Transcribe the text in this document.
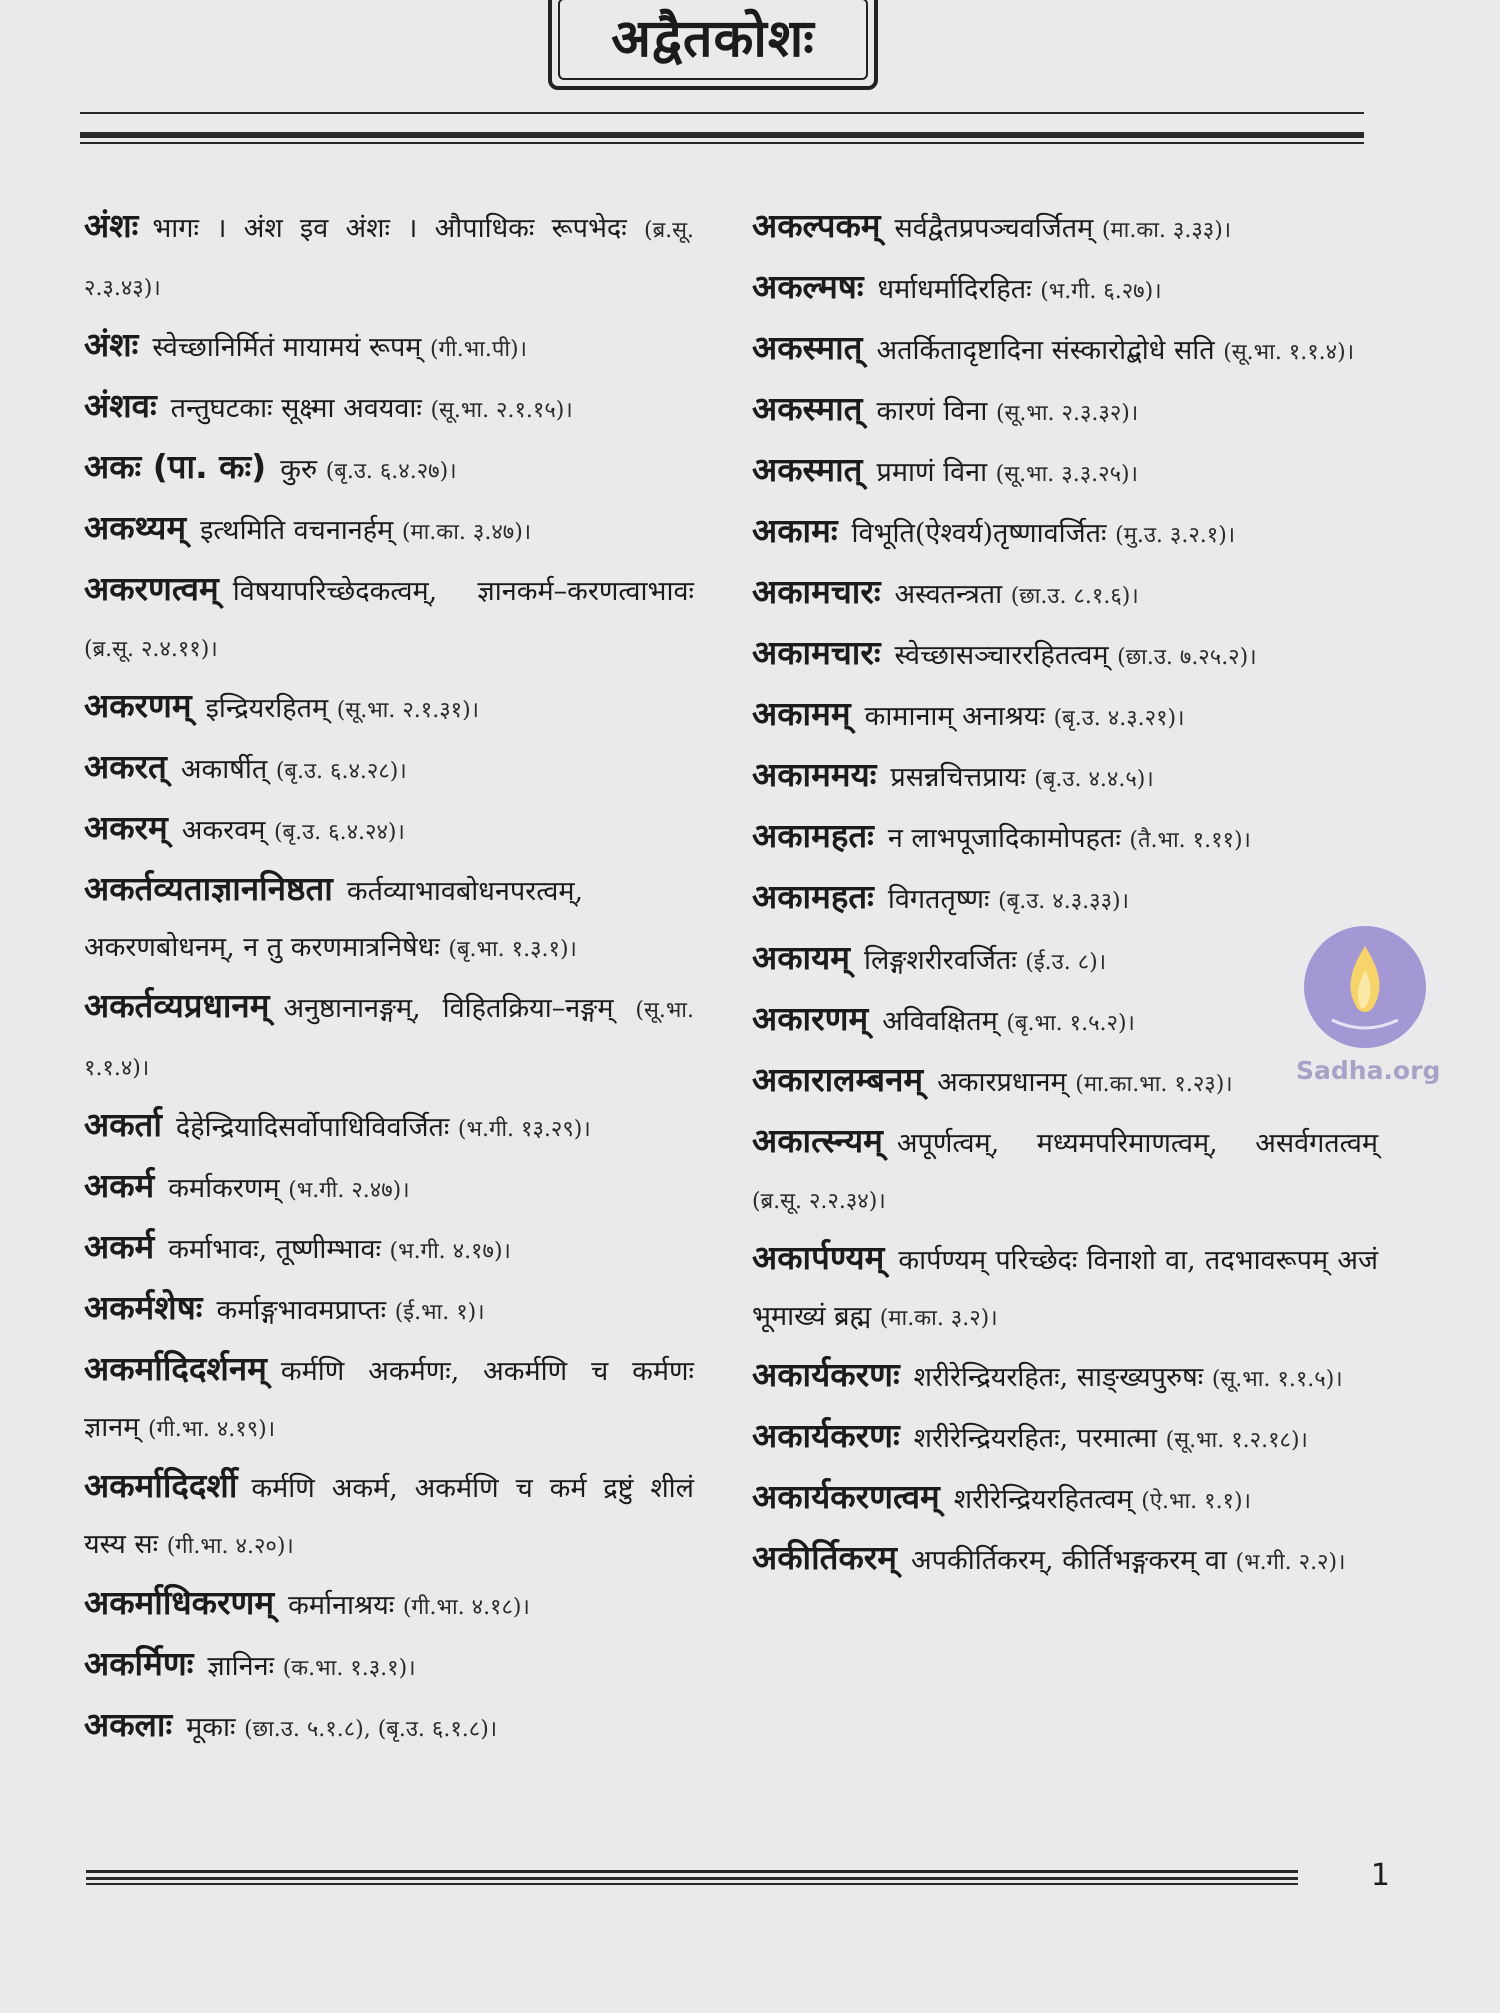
अद्वैतकोशः

अंशः भागः । अंश इव अंशः । औपाधिकः रूपभेदः (ब्र.सू. २.३.४३)।

अंशः स्वेच्छानिर्मितं मायामयं रूपम् (गी.भा.पी)।

अंशवः तन्तुघटकाः सूक्ष्मा अवयवाः (सू.भा. २.१.१५)।

अकः (पा. कः) कुरु (बृ.उ. ६.४.२७)।

अकथ्यम् इत्थमिति वचनानर्हम् (मा.का. ३.४७)।

अकरणत्वम् विषयापरिच्छेदकत्वम्, ज्ञानकर्म–करणत्वाभावः (ब्र.सू. २.४.११)।

अकरणम् इन्द्रियरहितम् (सू.भा. २.१.३१)।

अकरत् अकार्षीत् (बृ.उ. ६.४.२८)।

अकरम् अकरवम् (बृ.उ. ६.४.२४)।

अकर्तव्यताज्ञाननिष्ठता कर्तव्याभावबोधनपरत्वम्, अकरणबोधनम्, न तु करणमात्रनिषेधः (बृ.भा. १.३.१)।

अकर्तव्यप्रधानम् अनुष्ठानानङ्गम्, विहितक्रिया–नङ्गम् (सू.भा. १.१.४)।

अकर्ता देहेन्द्रियादिसर्वोपाधिविवर्जितः (भ.गी. १३.२९)।

अकर्म कर्माकरणम् (भ.गी. २.४७)।

अकर्म कर्माभावः, तूष्णीम्भावः (भ.गी. ४.१७)।

अकर्मशेषः कर्माङ्गभावमप्राप्तः (ई.भा. १)।

अकर्मादिदर्शनम् कर्मणि अकर्मणः, अकर्मणि च कर्मणः ज्ञानम् (गी.भा. ४.१९)।

अकर्मादिदर्शी कर्मणि अकर्म, अकर्मणि च कर्म द्रष्टुं शीलं यस्य सः (गी.भा. ४.२०)।

अकर्माधिकरणम् कर्मानाश्रयः (गी.भा. ४.१८)।

अकर्मिणः ज्ञानिनः (क.भा. १.३.१)।

अकलाः मूकाः (छा.उ. ५.१.८), (बृ.उ. ६.१.८)।

अकल्पकम् सर्वद्वैतप्रपञ्चवर्जितम् (मा.का. ३.३३)।

अकल्मषः धर्माधर्मादिरहितः (भ.गी. ६.२७)।

अकस्मात् अतर्कितादृष्टादिना संस्कारोद्बोधे सति (सू.भा. १.१.४)।

अकस्मात् कारणं विना (सू.भा. २.३.३२)।

अकस्मात् प्रमाणं विना (सू.भा. ३.३.२५)।

अकामः विभूति(ऐश्वर्य)तृष्णावर्जितः (मु.उ. ३.२.१)।

अकामचारः अस्वतन्त्रता (छा.उ. ८.१.६)।

अकामचारः स्वेच्छासञ्चाररहितत्वम् (छा.उ. ७.२५.२)।

अकामम् कामानाम् अनाश्रयः (बृ.उ. ४.३.२१)।

अकाममयः प्रसन्नचित्तप्रायः (बृ.उ. ४.४.५)।

अकामहतः न लाभपूजादिकामोपहतः (तै.भा. १.११)।

अकामहतः विगततृष्णः (बृ.उ. ४.३.३३)।

अकायम् लिङ्गशरीरवर्जितः (ई.उ. ८)।

अकारणम् अविवक्षितम् (बृ.भा. १.५.२)।

अकारालम्बनम् अकारप्रधानम् (मा.का.भा. १.२३)।

अकात्स्न्यम् अपूर्णत्वम्, मध्यमपरिमाणत्वम्, असर्वगतत्वम् (ब्र.सू. २.२.३४)।

अकार्पण्यम् कार्पण्यम् परिच्छेदः विनाशो वा, तदभावरूपम् अजं भूमाख्यं ब्रह्म (मा.का. ३.२)।

अकार्यकरणः शरीरेन्द्रियरहितः, साङ्ख्यपुरुषः (सू.भा. १.१.५)।

अकार्यकरणः शरीरेन्द्रियरहितः, परमात्मा (सू.भा. १.२.१८)।

अकार्यकरणत्वम् शरीरेन्द्रियरहितत्वम् (ऐ.भा. १.१)।

अकीर्तिकरम् अपकीर्तिकरम्, कीर्तिभङ्गकरम् वा (भ.गी. २.२)।

Sadha.org
1
